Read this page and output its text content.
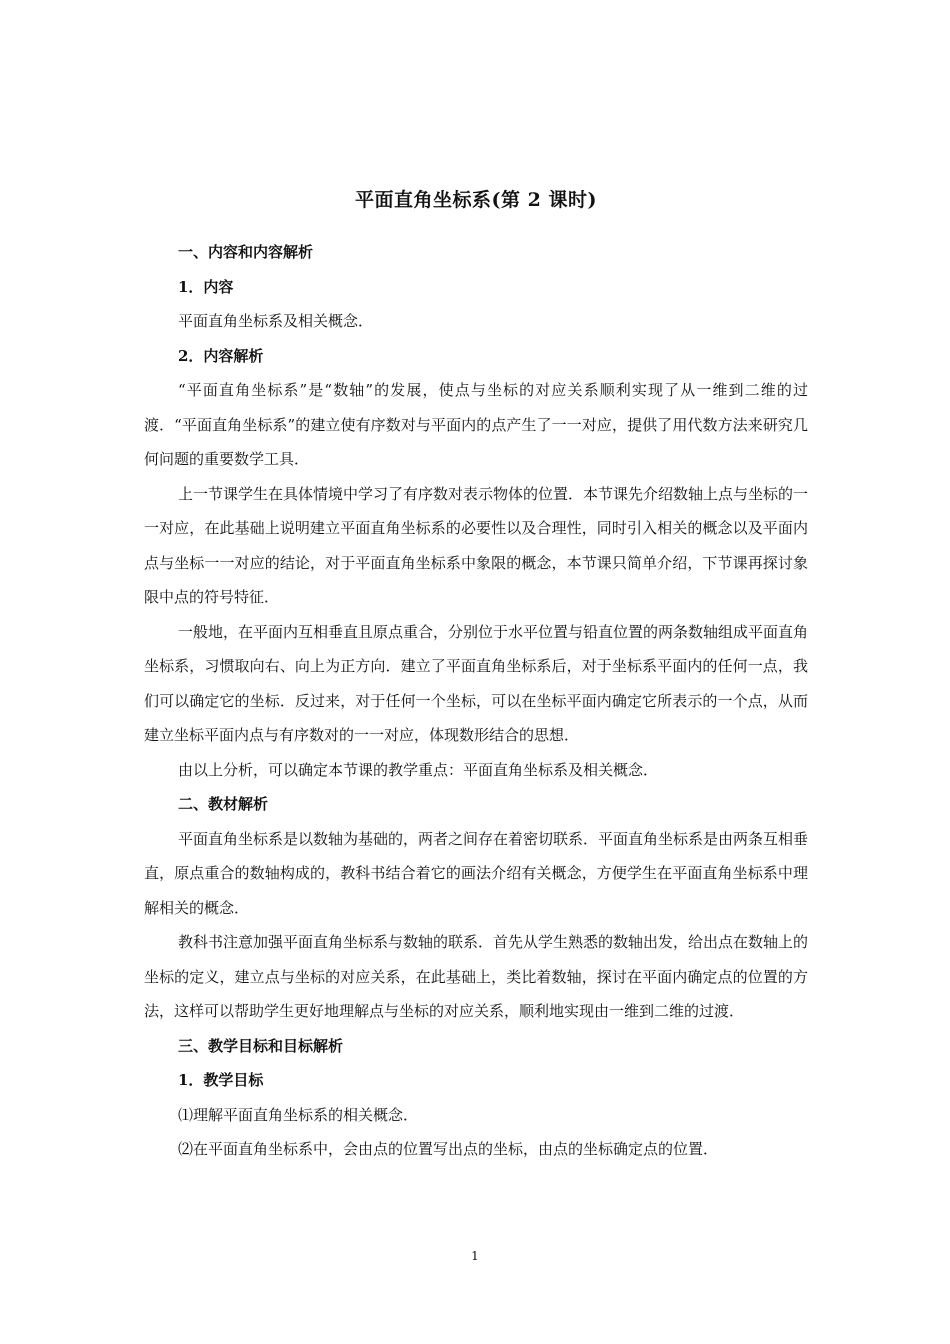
平面直角坐标系(第 2 课时)

一、内容和内容解析

1．内容

平面直角坐标系及相关概念．

2．内容解析

“平面直角坐标系”是“数轴”的发展，使点与坐标的对应关系顺利实现了从一维到二维的过渡．“平面直角坐标系”的建立使有序数对与平面内的点产生了一一对应，提供了用代数方法来研究几何问题的重要数学工具．

上一节课学生在具体情境中学习了有序数对表示物体的位置．本节课先介绍数轴上点与坐标的一一对应，在此基础上说明建立平面直角坐标系的必要性以及合理性，同时引入相关的概念以及平面内点与坐标一一对应的结论，对于平面直角坐标系中象限的概念，本节课只简单介绍，下节课再探讨象限中点的符号特征．

一般地，在平面内互相垂直且原点重合，分别位于水平位置与铅直位置的两条数轴组成平面直角坐标系，习惯取向右、向上为正方向．建立了平面直角坐标系后，对于坐标系平面内的任何一点，我们可以确定它的坐标．反过来，对于任何一个坐标，可以在坐标平面内确定它所表示的一个点，从而建立坐标平面内点与有序数对的一一对应，体现数形结合的思想．

由以上分析，可以确定本节课的教学重点：平面直角坐标系及相关概念．

二、教材解析

平面直角坐标系是以数轴为基础的，两者之间存在着密切联系．平面直角坐标系是由两条互相垂直，原点重合的数轴构成的，教科书结合着它的画法介绍有关概念，方便学生在平面直角坐标系中理解相关的概念．

教科书注意加强平面直角坐标系与数轴的联系．首先从学生熟悉的数轴出发，给出点在数轴上的坐标的定义，建立点与坐标的对应关系，在此基础上，类比着数轴，探讨在平面内确定点的位置的方法，这样可以帮助学生更好地理解点与坐标的对应关系，顺利地实现由一维到二维的过渡．

三、教学目标和目标解析

1．教学目标

⑴理解平面直角坐标系的相关概念．

⑵在平面直角坐标系中，会由点的位置写出点的坐标，由点的坐标确定点的位置．

1
